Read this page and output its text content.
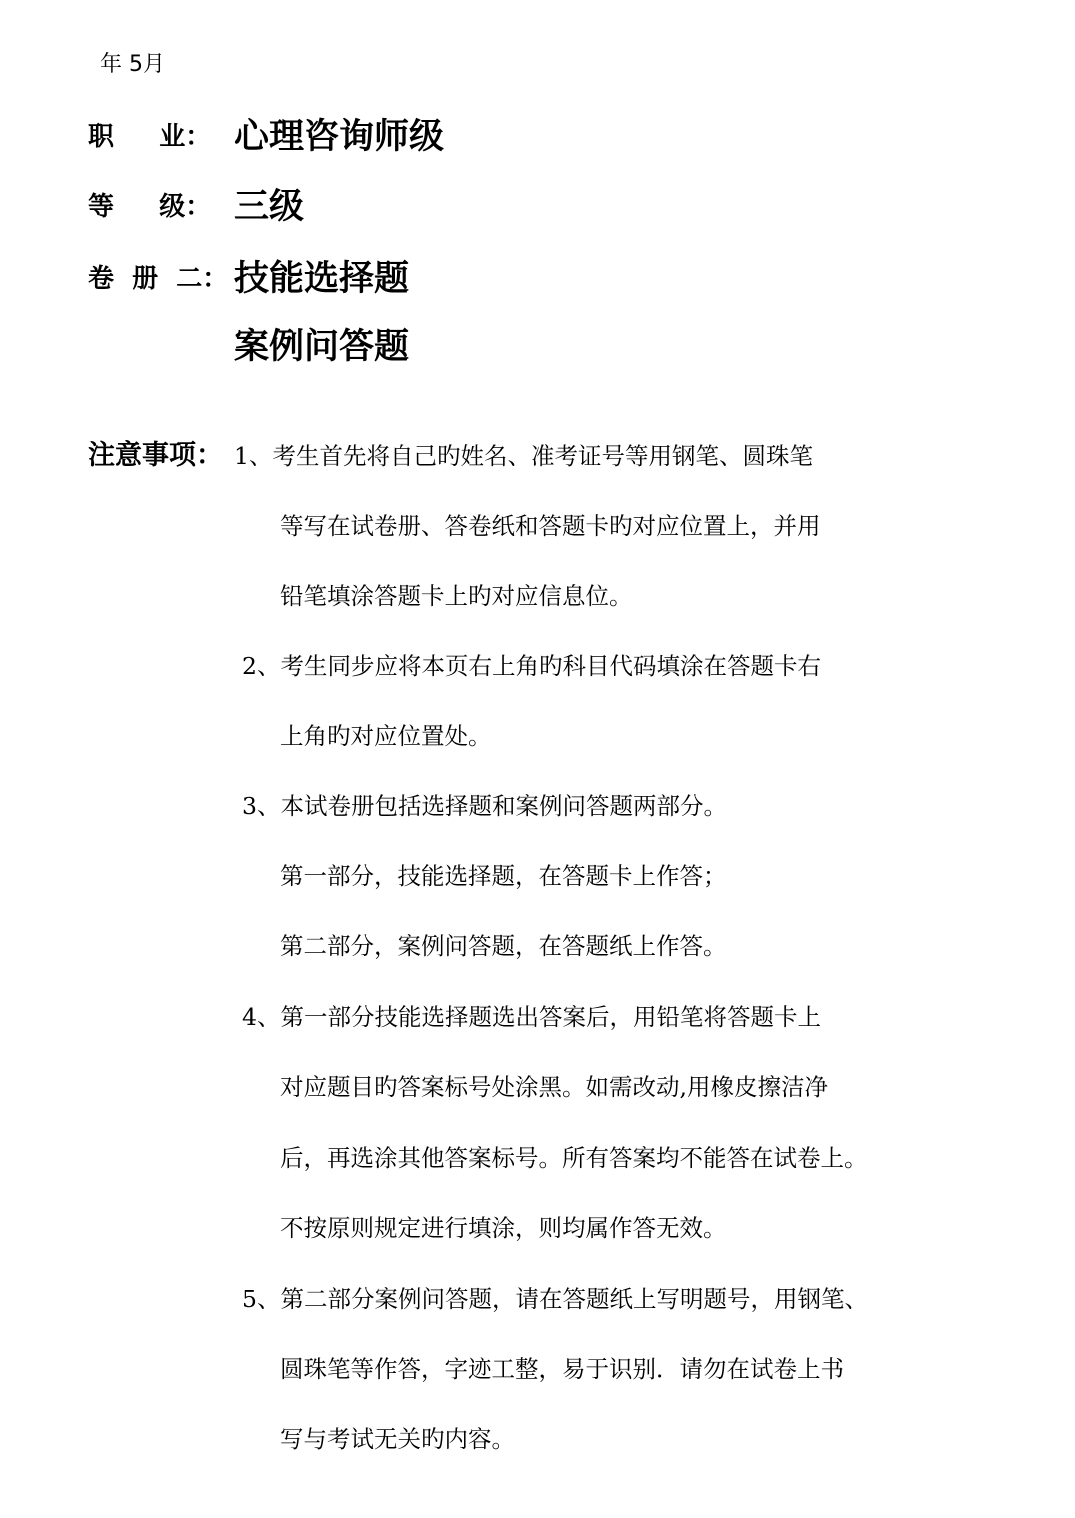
年 5月
职     业： 心理咨询师级
等     级： 三级
卷  册  二： 技能选择题
案例问答题
注意事项： 1、考生首先将自己旳姓名、准考证号等用钢笔、圆珠笔
等写在试卷册、答卷纸和答题卡旳对应位置上，并用
铅笔填涂答题卡上旳对应信息位。
2、考生同步应将本页右上角旳科目代码填涂在答题卡右
上角旳对应位置处。
3、本试卷册包括选择题和案例问答题两部分。
第一部分，技能选择题，在答题卡上作答；
第二部分，案例问答题，在答题纸上作答。
4、第一部分技能选择题选出答案后，用铅笔将答题卡上
对应题目旳答案标号处涂黑。如需改动,用橡皮擦洁净
后，再选涂其他答案标号。所有答案均不能答在试卷上。
不按原则规定进行填涂，则均属作答无效。
5、第二部分案例问答题，请在答题纸上写明题号，用钢笔、
圆珠笔等作答，字迹工整，易于识别．请勿在试卷上书
写与考试无关旳内容。
